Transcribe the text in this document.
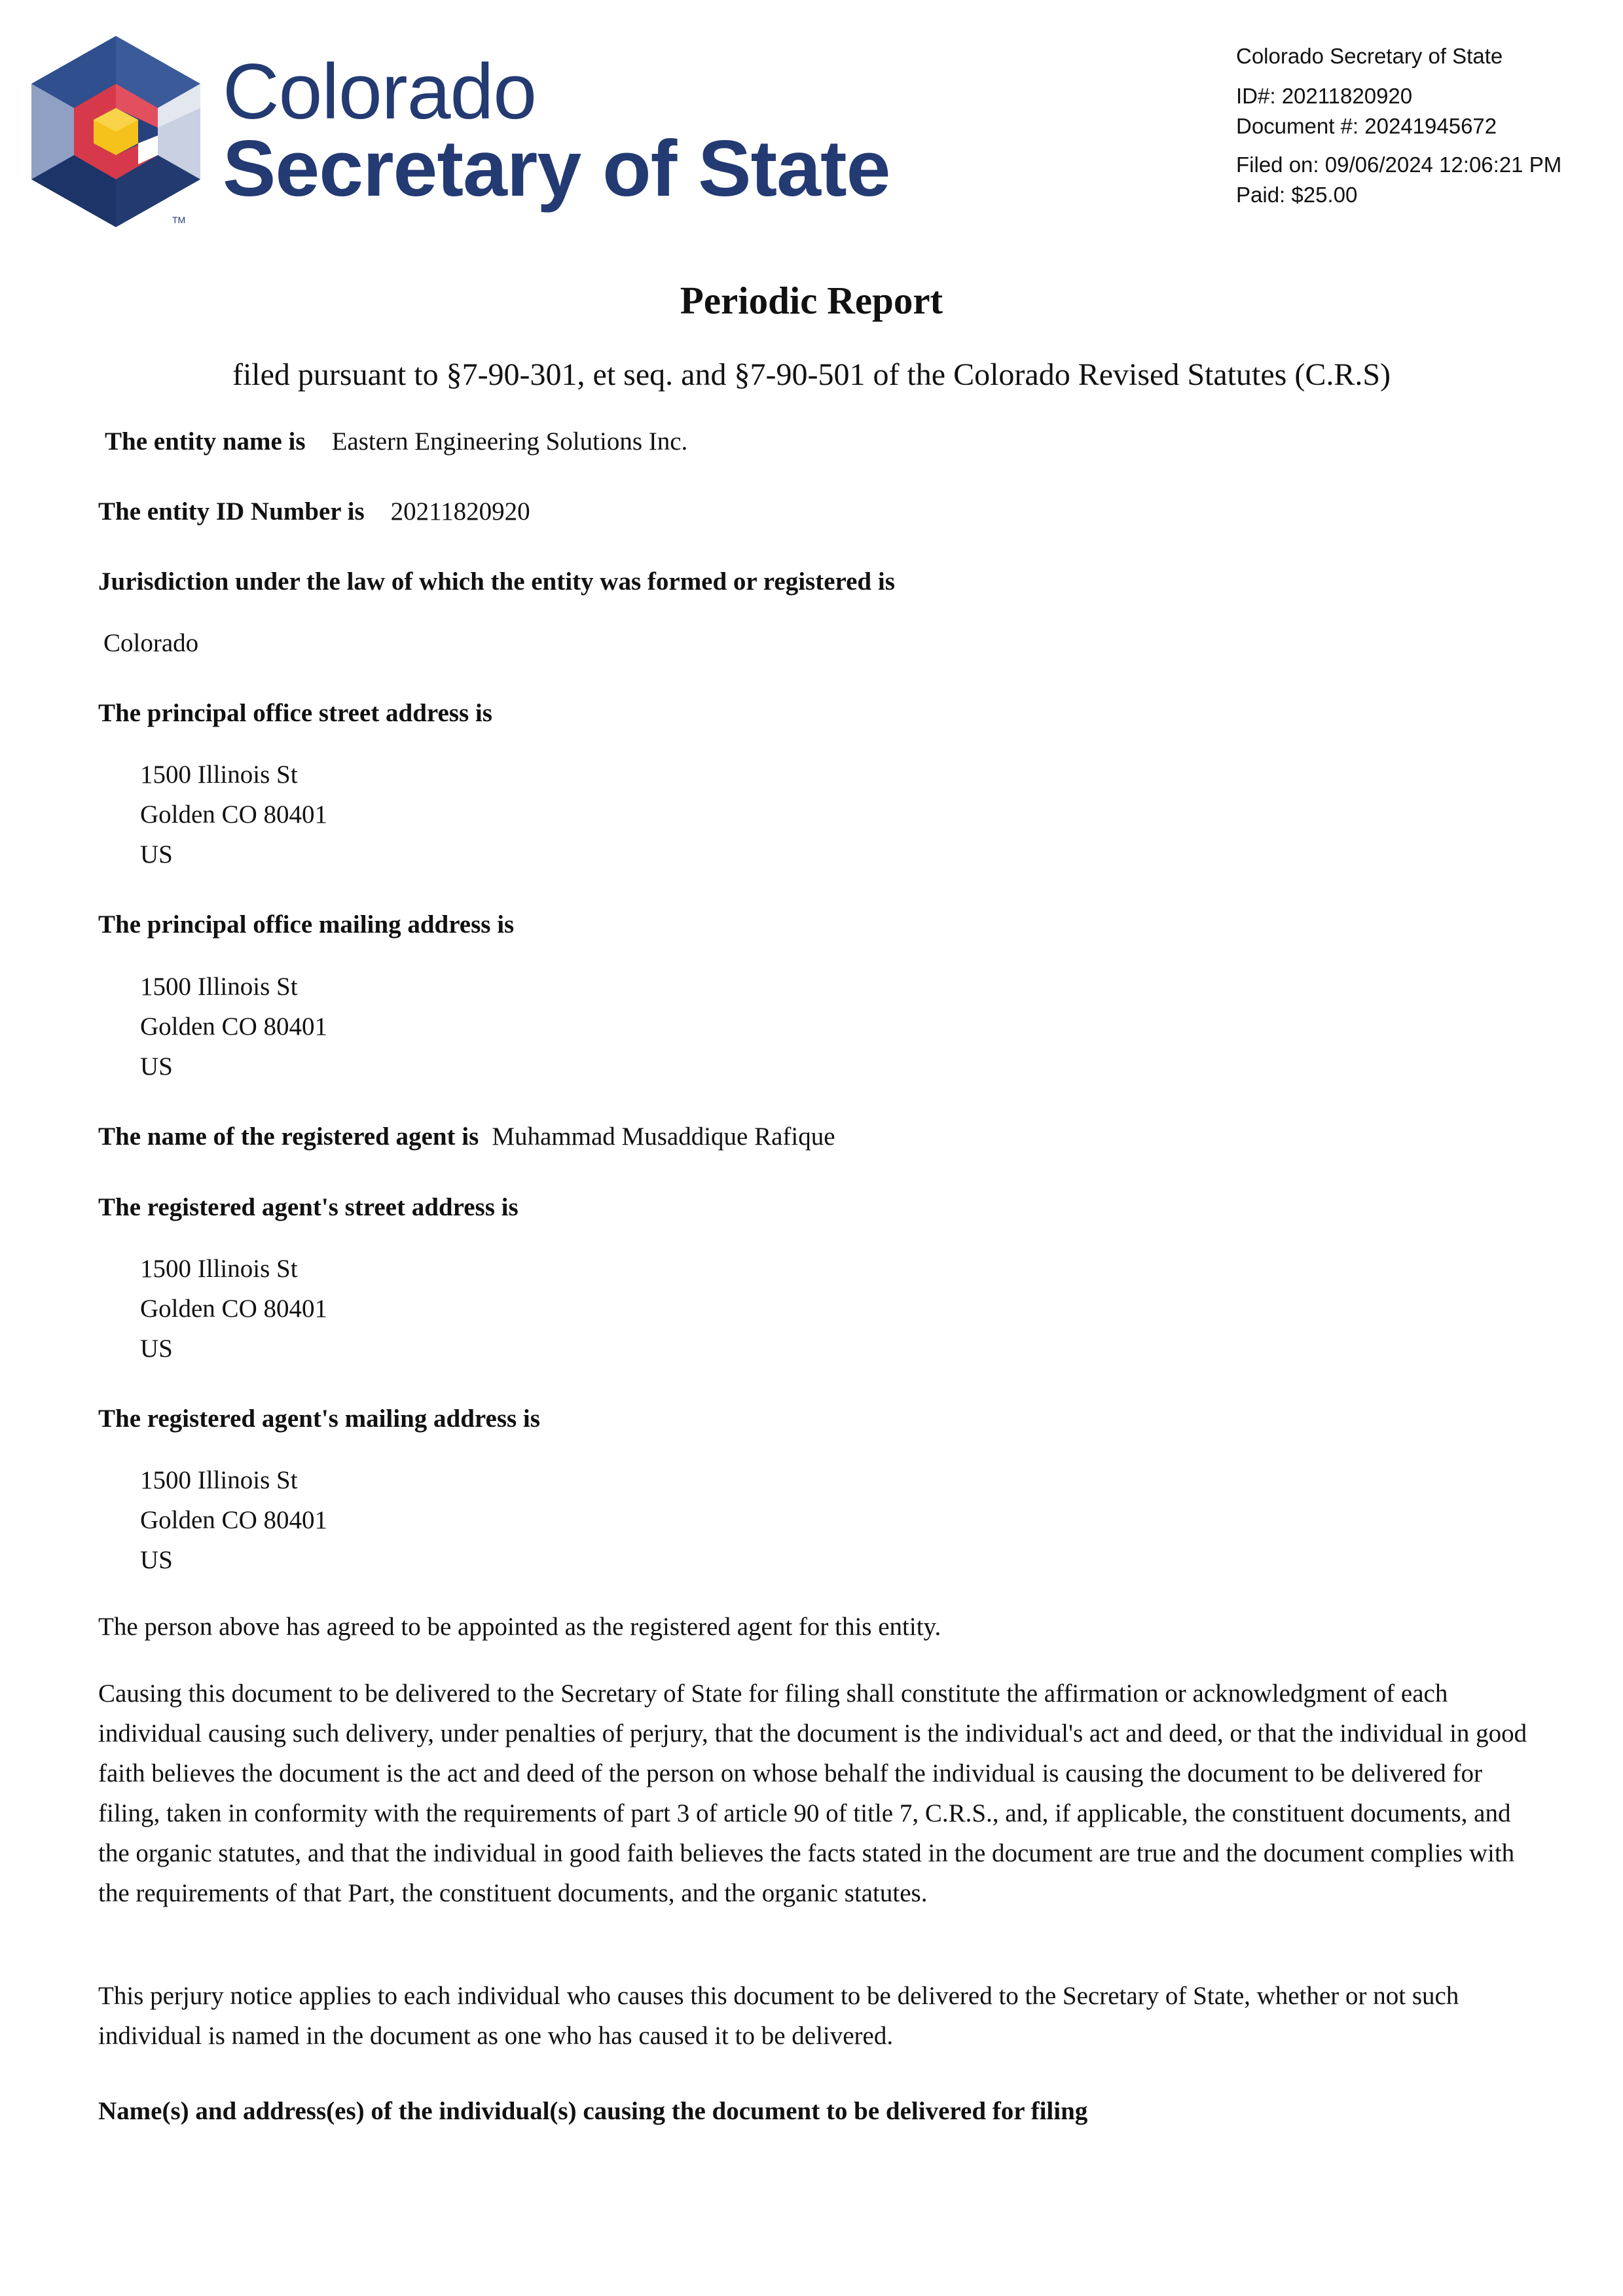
TM
Colorado
Secretary of State
Colorado Secretary of State
ID#: 20211820920
Document #: 20241945672
Filed on: 09/06/2024 12:06:21 PM
Paid: $25.00
Periodic Report
filed pursuant to §7-90-301, et seq. and §7-90-501 of the Colorado Revised Statutes (C.R.S)
The entity name is Eastern Engineering Solutions Inc.
The entity ID Number is 20211820920
Jurisdiction under the law of which the entity was formed or registered is
Colorado
The principal office street address is
1500 Illinois St
Golden CO 80401
US
The principal office mailing address is
1500 Illinois St
Golden CO 80401
US
The name of the registered agent is Muhammad Musaddique Rafique
The registered agent's street address is
1500 Illinois St
Golden CO 80401
US
The registered agent's mailing address is
1500 Illinois St
Golden CO 80401
US
The person above has agreed to be appointed as the registered agent for this entity.

Causing this document to be delivered to the Secretary of State for filing shall constitute the affirmation or acknowledgment of each individual causing such delivery, under penalties of perjury, that the document is the individual's act and deed, or that the individual in good faith believes the document is the act and deed of the person on whose behalf the individual is causing the document to be delivered for filing, taken in conformity with the requirements of part 3 of article 90 of title 7, C.R.S., and, if applicable, the constituent documents, and the organic statutes, and that the individual in good faith believes the facts stated in the document are true and the document complies with the requirements of that Part, the constituent documents, and the organic statutes.

This perjury notice applies to each individual who causes this document to be delivered to the Secretary of State, whether or not such individual is named in the document as one who has caused it to be delivered.

Name(s) and address(es) of the individual(s) causing the document to be delivered for filing
